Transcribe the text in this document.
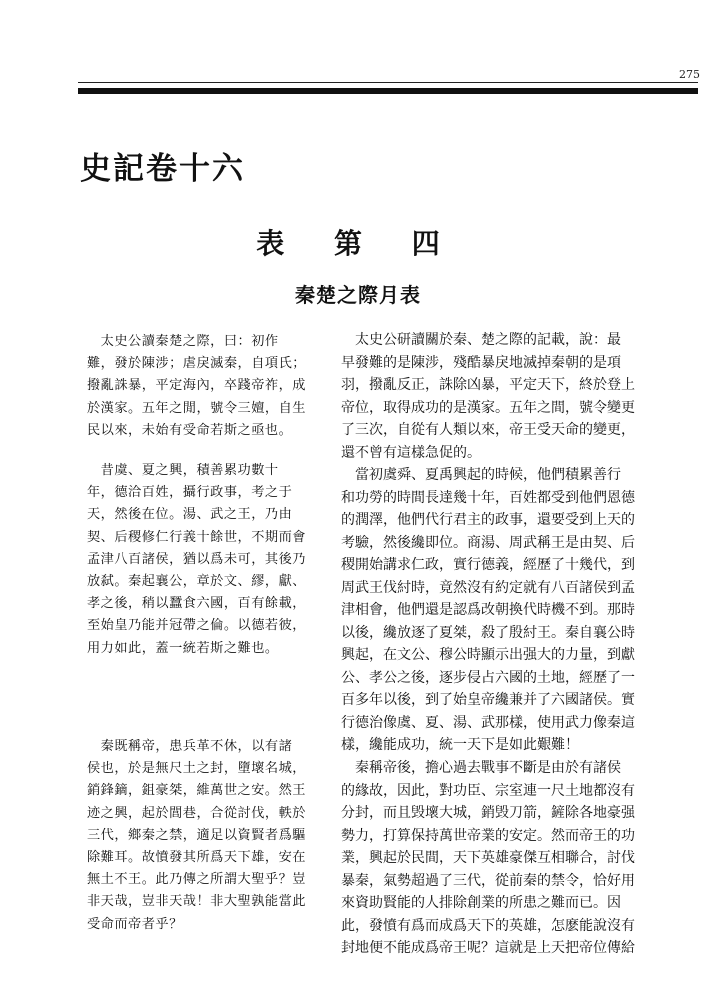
275
史記卷十六
表 第 四
秦楚之際月表

　太史公讀秦楚之際，曰：初作
難，發於陳涉；虐戾滅秦，自項氏；
撥亂誅暴，平定海內，卒踐帝祚，成
於漢家。五年之閒，號令三嬗，自生
民以來，未始有受命若斯之亟也。

　昔虞、夏之興，積善累功數十
年，德洽百姓，攝行政事，考之于
天，然後在位。湯、武之王，乃由
契、后稷修仁行義十餘世，不期而會
孟津八百諸侯，猶以爲未可，其後乃
放弑。秦起襄公，章於文、繆，獻、
孝之後，稍以蠶食六國，百有餘載，
至始皇乃能并冠帶之倫。以德若彼，
用力如此，蓋一統若斯之難也。

　秦既稱帝，患兵革不休，以有諸
侯也，於是無尺土之封，墮壞名城，
銷鋒鏑，鉏豪桀，維萬世之安。然王
迹之興，起於閭巷，合從討伐，軼於
三代，鄉秦之禁，適足以資賢者爲驅
除難耳。故憤發其所爲天下雄，安在
無土不王。此乃傳之所謂大聖乎？豈
非天哉，豈非天哉！非大聖孰能當此
受命而帝者乎？

　太史公研讀關於秦、楚之際的記載，說：最
早發難的是陳涉，殘酷暴戾地滅掉秦朝的是項
羽，撥亂反正，誅除凶暴，平定天下，終於登上
帝位，取得成功的是漢家。五年之間，號令變更
了三次，自從有人類以來，帝王受天命的變更，
還不曾有這樣急促的。

　當初虞舜、夏禹興起的時候，他們積累善行
和功勞的時間長達幾十年，百姓都受到他們恩德
的潤澤，他們代行君主的政事，還要受到上天的
考驗，然後纔即位。商湯、周武稱王是由契、后
稷開始講求仁政，實行德義，經歷了十幾代，到
周武王伐紂時，竟然沒有約定就有八百諸侯到孟
津相會，他們還是認爲改朝換代時機不到。那時
以後，纔放逐了夏桀，殺了殷紂王。秦自襄公時
興起，在文公、穆公時顯示出强大的力量，到獻
公、孝公之後，逐步侵占六國的土地，經歷了一
百多年以後，到了始皇帝纔兼并了六國諸侯。實
行德治像虞、夏、湯、武那樣，使用武力像秦這
樣，纔能成功，統一天下是如此艱難！

　秦稱帝後，擔心過去戰事不斷是由於有諸侯
的緣故，因此，對功臣、宗室連一尺土地都沒有
分封，而且毁壞大城，銷毁刀箭，鏟除各地豪强
勢力，打算保持萬世帝業的安定。然而帝王的功
業，興起於民間，天下英雄豪傑互相聯合，討伐
暴秦，氣勢超過了三代，從前秦的禁令，恰好用
來資助賢能的人排除創業的所患之難而已。因
此，發憤有爲而成爲天下的英雄，怎麽能說沒有
封地便不能成爲帝王呢？這就是上天把帝位傳給
